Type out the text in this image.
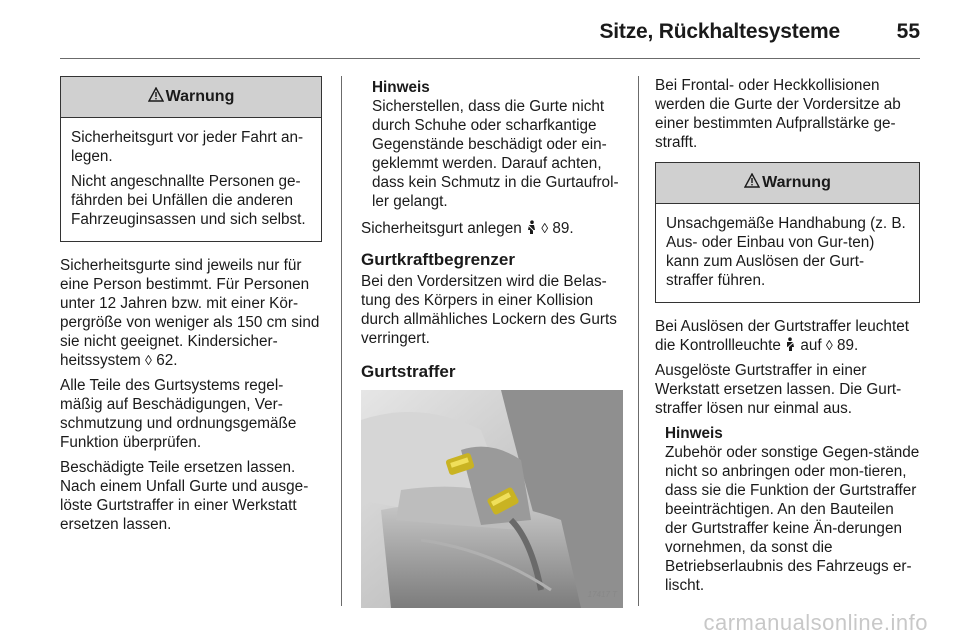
Sitze, Rückhaltesysteme	55
Warnung

Sicherheitsgurt vor jeder Fahrt an-legen.

Nicht angeschnallte Personen ge-fährden bei Unfällen die anderen Fahrzeuginsassen und sich selbst.

Sicherheitsgurte sind jeweils nur für eine Person bestimmt. Für Personen unter 12 Jahren bzw. mit einer Kör-pergröße von weniger als 150 cm sind sie nicht geeignet. Kindersicher-heitssystem ◊ 62.

Alle Teile des Gurtsystems regel-mäßig auf Beschädigungen, Ver-schmutzung und ordnungsgemäße Funktion überprüfen.

Beschädigte Teile ersetzen lassen. Nach einem Unfall Gurte und ausge-löste Gurtstraffer in einer Werkstatt ersetzen lassen.

Hinweis
Sicherstellen, dass die Gurte nicht durch Schuhe oder scharfkantige Gegenstände beschädigt oder ein-geklemmt werden. Darauf achten, dass kein Schmutz in die Gurtaufrol-ler gelangt.

Sicherheitsgurt anlegen  ◊ 89.

Gurtkraftbegrenzer

Bei den Vordersitzen wird die Belas-tung des Körpers in einer Kollision durch allmähliches Lockern des Gurts verringert.

Gurtstraffer
17417 T

Bei Frontal- oder Heckkollisionen werden die Gurte der Vordersitze ab einer bestimmten Aufprallstärke ge-strafft.

Warnung

Unsachgemäße Handhabung (z. B. Aus- oder Einbau von Gur-ten) kann zum Auslösen der Gurt-straffer führen.

Bei Auslösen der Gurtstraffer leuchtet die Kontrollleuchte  auf ◊ 89.

Ausgelöste Gurtstraffer in einer Werkstatt ersetzen lassen. Die Gurt-straffer lösen nur einmal aus.

Hinweis
Zubehör oder sonstige Gegen-stände nicht so anbringen oder mon-tieren, dass sie die Funktion der Gurtstraffer beeinträchtigen. An den Bauteilen der Gurtstraffer keine Än-derungen vornehmen, da sonst die Betriebserlaubnis des Fahrzeugs er-lischt.
carmanualsonline.info
